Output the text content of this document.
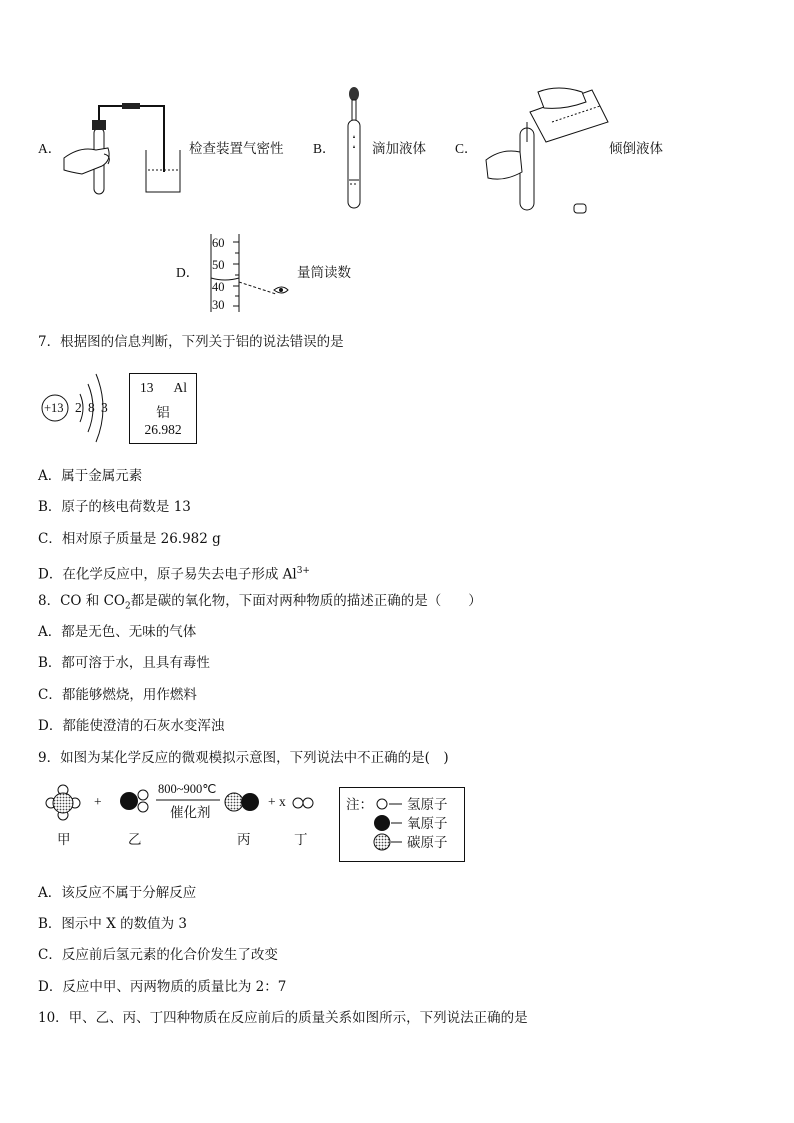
A．	检查装置气密性 B．	滴加液体 C．	倾倒液体
D．
60
50
40
30
量筒读数
7．根据图的信息判断，下列关于铝的说法错误的是
+13 2 8 3
13 Al
铝
26.982
A．属于金属元素
B．原子的核电荷数是 13
C．相对原子质量是 26.982 g
D．在化学反应中，原子易失去电子形成 $Al^{3+}$
8．CO 和 $CO_2$都是碳的氧化物，下面对两种物质的描述正确的是（　　）
A．都是无色、无味的气体
B．都可溶于水，且具有毒性
C．都能够燃烧，用作燃料
D．都能使澄清的石灰水变浑浊
9．如图为某化学反应的微观模拟示意图，下列说法中不正确的是(　)
+
800~900℃
催化剂
+ x
甲	乙	丙	丁
注：	氢原子
氧原子
碳原子
A．该反应不属于分解反应
B．图示中 X 的数值为 3
C．反应前后氢元素的化合价发生了改变
D．反应中甲、丙两物质的质量比为 2：7
10．甲、乙、丙、丁四种物质在反应前后的质量关系如图所示，下列说法正确的是
